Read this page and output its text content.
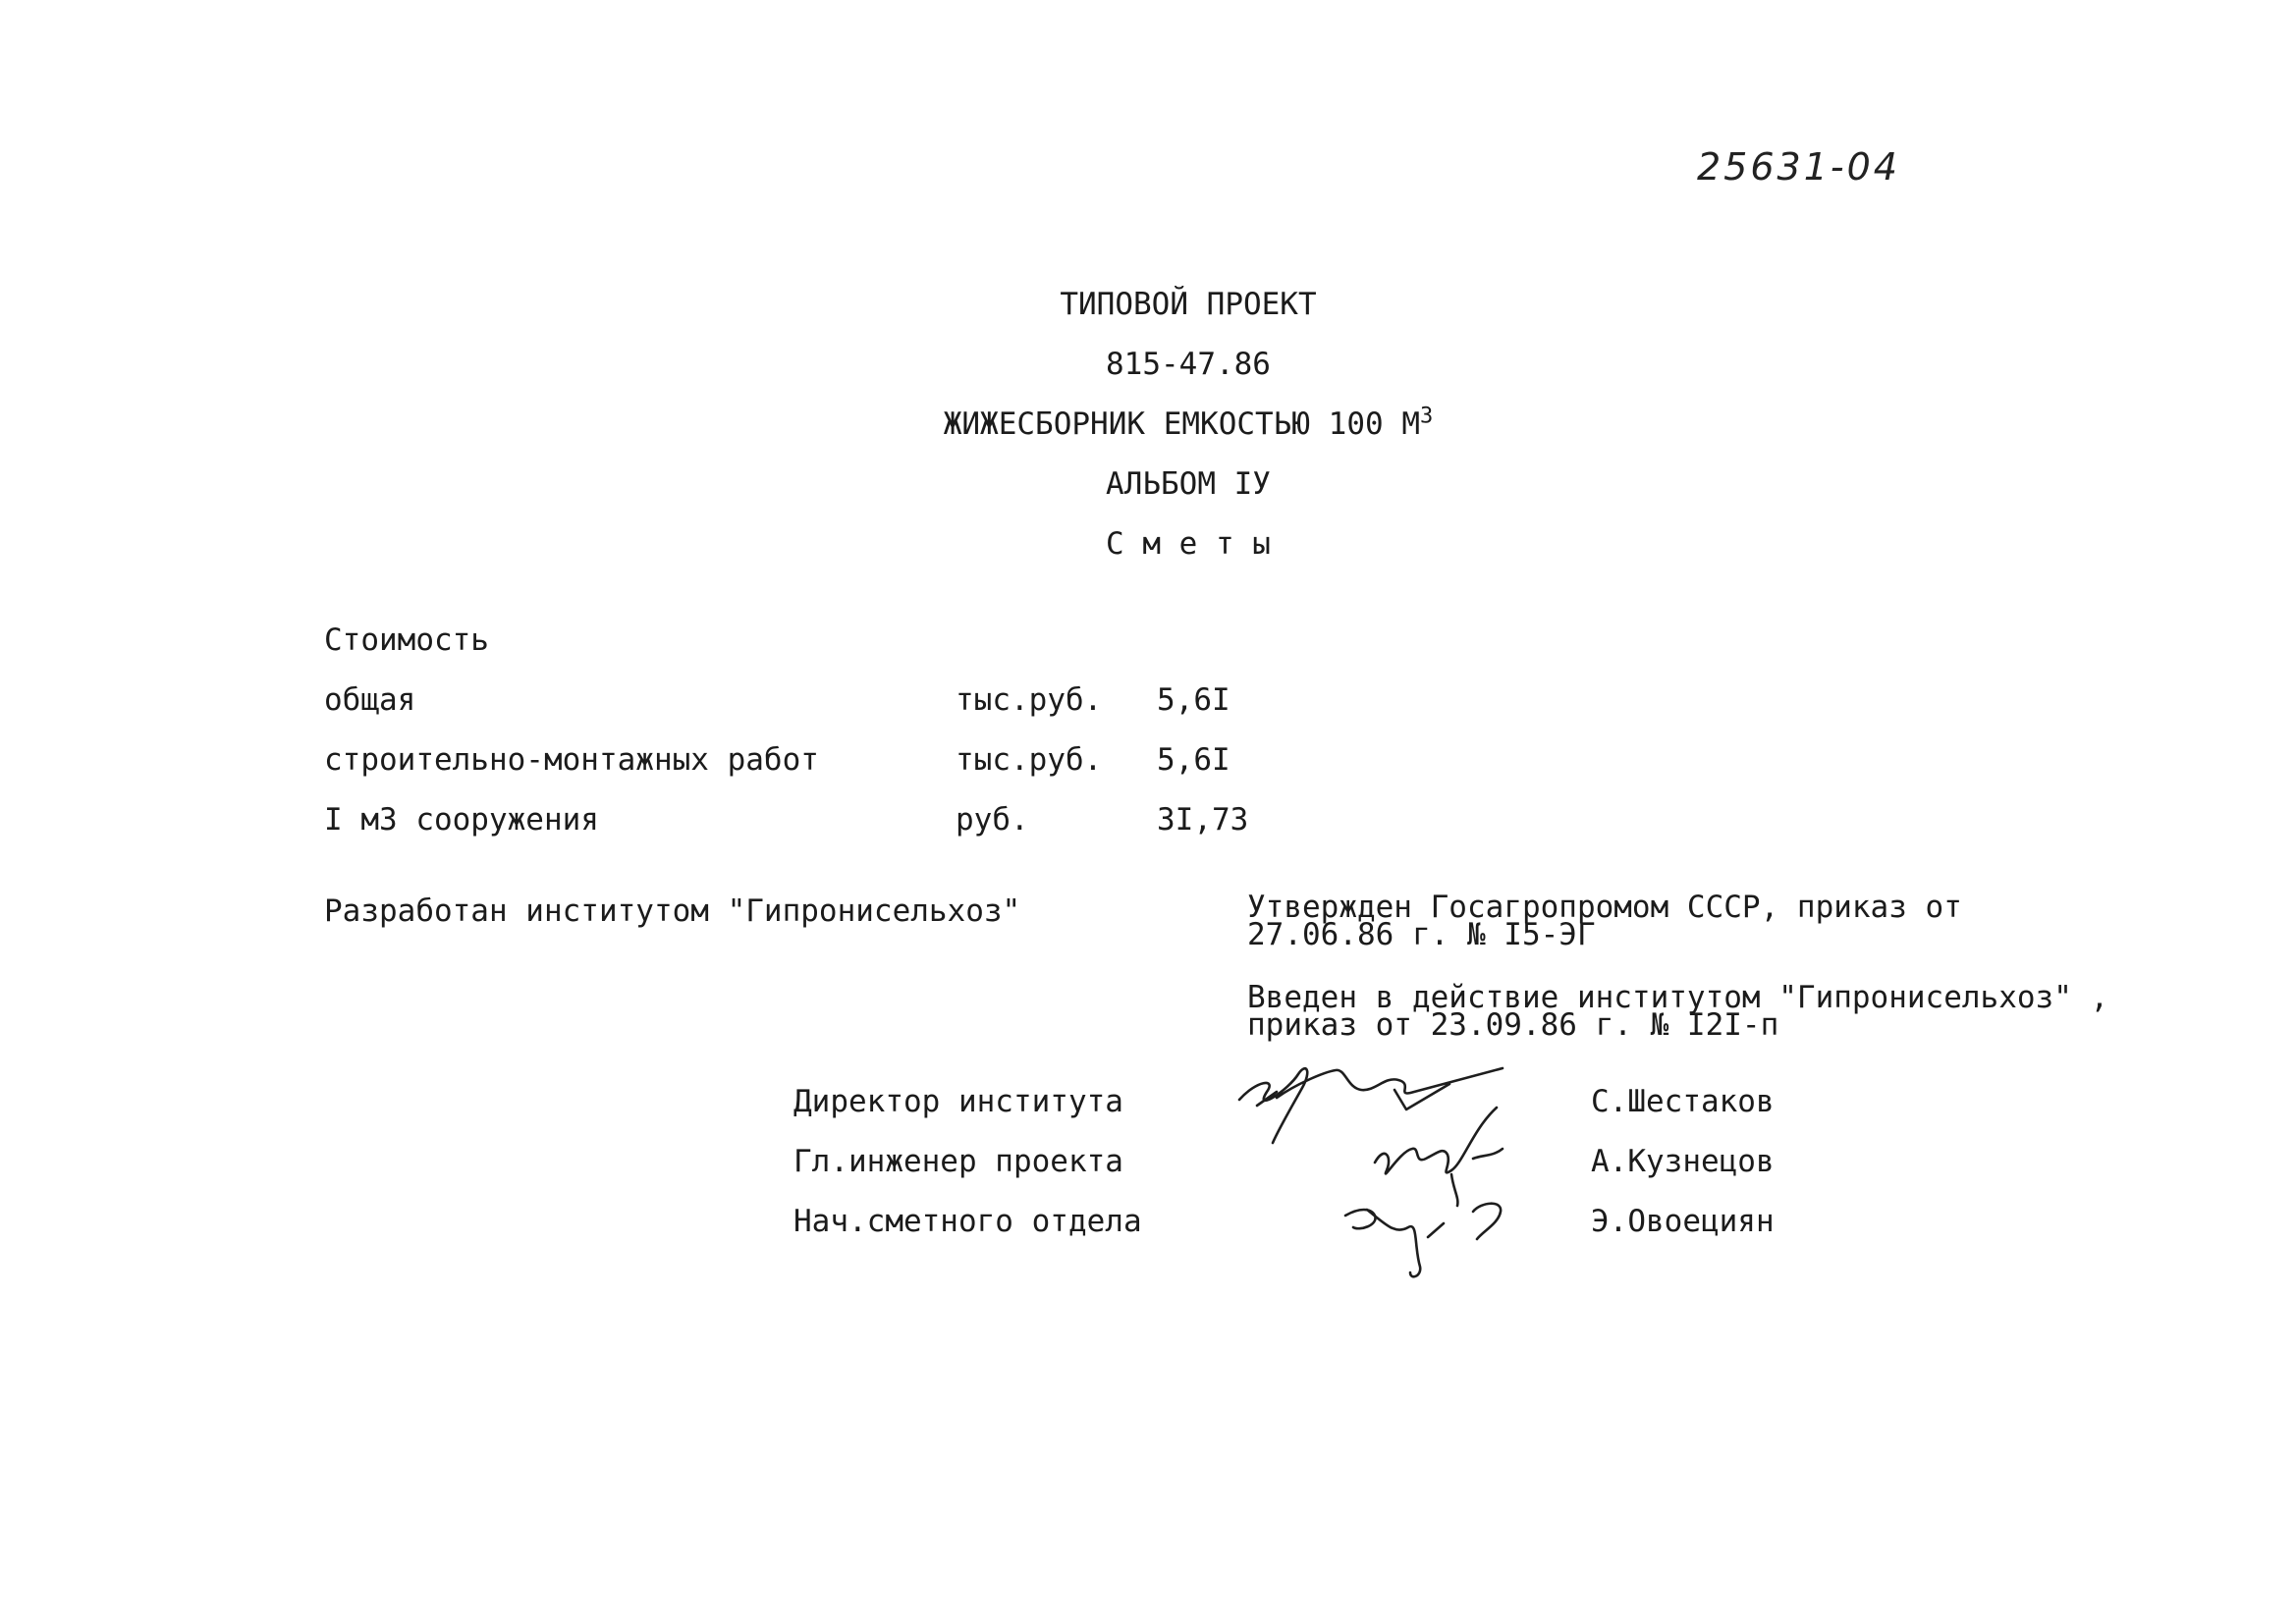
25631-04
ТИПОВОЙ ПРОЕКТ
815-47.86
ЖИЖЕСБОРНИК ЕМКОСТЬЮ 100 $М^3$
АЛЬБОМ IУ
С м е т ы
Стоимость
общая	тыс.руб. 5,6I
строительно-монтажных работ	тыс.руб. 5,6I
I м3 сооружения	руб.	3I,73
Разработан институтом "Гипронисельхоз"	Утвержден Госагропромом СССР, приказ от
27.06.86 г. № I5-ЭГ
Введен в действие институтом "Гипронисельхоз" ,
приказ от 23.09.86 г. № I2I-п
Директор института	С.Шестаков
Гл.инженер проекта	А.Кузнецов
Нач.сметного отдела	Э.Овоециян
